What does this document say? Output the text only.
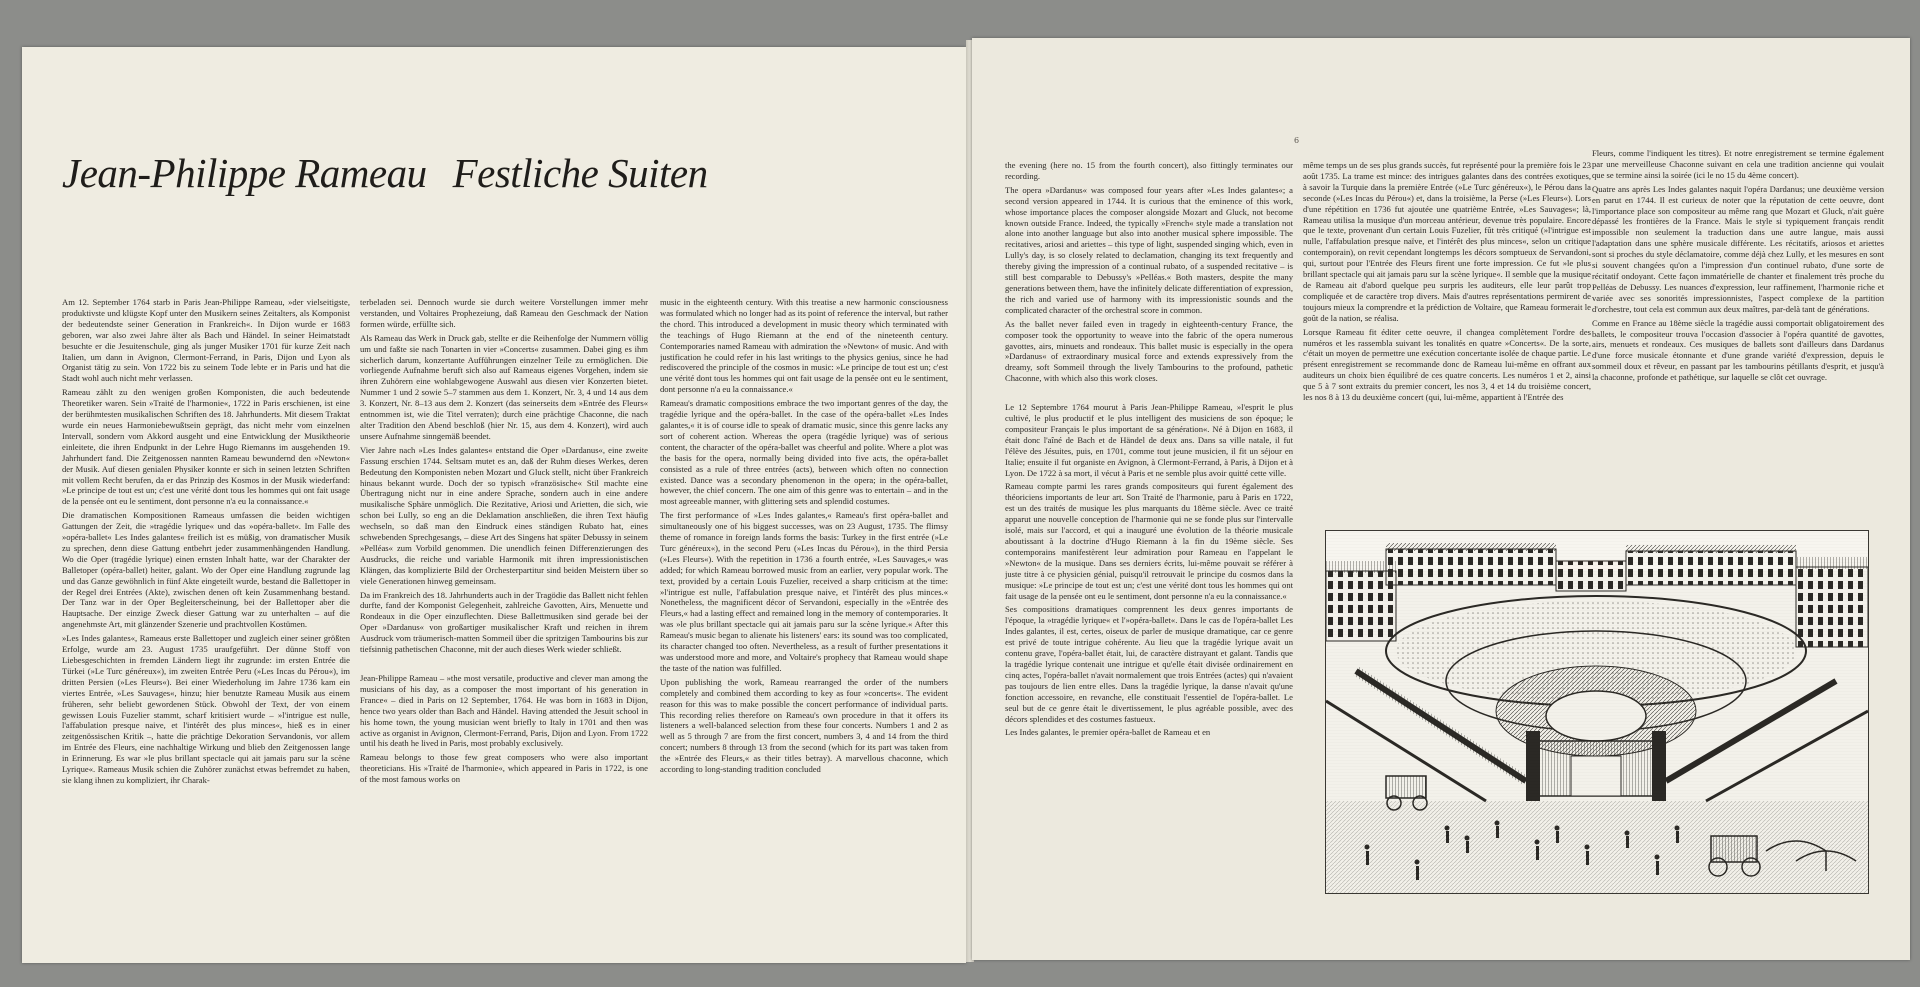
Jean-Philippe Rameau Festliche Suiten
6

Am 12. September 1764 starb in Paris Jean-Philippe Rameau, »der vielseitigste, produktivste und klügste Kopf unter den Musikern seines Zeitalters, als Komponist der bedeutendste seiner Generation in Frankreich«. In Dijon wurde er 1683 geboren, war also zwei Jahre älter als Bach und Händel. In seiner Heimatstadt besuchte er die Jesuitenschule, ging als junger Musiker 1701 für kurze Zeit nach Italien, um dann in Avignon, Clermont-Ferrand, in Paris, Dijon und Lyon als Organist tätig zu sein. Von 1722 bis zu seinem Tode lebte er in Paris und hat die Stadt wohl auch nicht mehr verlassen.

Rameau zählt zu den wenigen großen Komponisten, die auch bedeutende Theoretiker waren. Sein »Traité de l'harmonie«, 1722 in Paris erschienen, ist eine der berühmtesten musikalischen Schriften des 18. Jahrhunderts. Mit diesem Traktat wurde ein neues Harmoniebewußtsein geprägt, das nicht mehr vom einzelnen Intervall, sondern vom Akkord ausgeht und eine Entwicklung der Musiktheorie einleitete, die ihren Endpunkt in der Lehre Hugo Riemanns im ausgehenden 19. Jahrhundert fand. Die Zeitgenossen nannten Rameau bewundernd den »Newton« der Musik. Auf diesen genialen Physiker konnte er sich in seinen letzten Schriften mit vollem Recht berufen, da er das Prinzip des Kosmos in der Musik wiederfand: »Le principe de tout est un; c'est une vérité dont tous les hommes qui ont fait usage de la pensée ont eu le sentiment, dont personne n'a eu la connaissance.«

Die dramatischen Kompositionen Rameaus umfassen die beiden wichtigen Gattungen der Zeit, die »tragédie lyrique« und das »opéra-ballet«. Im Falle des »opéra-ballet« Les Indes galantes« freilich ist es müßig, von dramatischer Musik zu sprechen, denn diese Gattung entbehrt jeder zusammenhängenden Handlung. Wo die Oper (tragédie lyrique) einen ernsten Inhalt hatte, war der Charakter der Balletoper (opéra-ballet) heiter, galant. Wo der Oper eine Handlung zugrunde lag und das Ganze gewöhnlich in fünf Akte eingeteilt wurde, bestand die Ballettoper in der Regel drei Entrées (Akte), zwischen denen oft kein Zusammenhang bestand. Der Tanz war in der Oper Begleiterscheinung, bei der Ballettoper aber die Hauptsache. Der einzige Zweck dieser Gattung war zu unterhalten – auf die angenehmste Art, mit glänzender Szenerie und prachtvollen Kostümen.

»Les Indes galantes«, Rameaus erste Ballettoper und zugleich einer seiner größten Erfolge, wurde am 23. August 1735 uraufgeführt. Der dünne Stoff von Liebesgeschichten in fremden Ländern liegt ihr zugrunde: im ersten Entrée die Türkei (»Le Turc généreux«), im zweiten Entrée Peru (»Les Incas du Pérou«), im dritten Persien (»Les Fleurs«). Bei einer Wiederholung im Jahre 1736 kam ein viertes Entrée, »Les Sauvages«, hinzu; hier benutzte Rameau Musik aus einem früheren, sehr beliebt gewordenen Stück. Obwohl der Text, der von einem gewissen Louis Fuzelier stammt, scharf kritisiert wurde – »l'intrigue est nulle, l'affabulation presque naive, et l'intérêt des plus minces«, hieß es in einer zeitgenössischen Kritik –, hatte die prächtige Dekoration Servandonis, vor allem im Entrée des Fleurs, eine nachhaltige Wirkung und blieb den Zeitgenossen lange in Erinnerung. Es war »le plus brillant spectacle qui ait jamais paru sur la scène Lyrique«. Rameaus Musik schien die Zuhörer zunächst etwas befremdet zu haben, sie klang ihnen zu kompliziert, ihr Charak-

terbeladen sei. Dennoch wurde sie durch weitere Vorstellungen immer mehr verstanden, und Voltaires Prophezeiung, daß Rameau den Geschmack der Nation formen würde, erfüllte sich.

Als Rameau das Werk in Druck gab, stellte er die Reihenfolge der Nummern völlig um und faßte sie nach Tonarten in vier »Concerts« zusammen. Dabei ging es ihm sicherlich darum, konzertante Aufführungen einzelner Teile zu ermöglichen. Die vorliegende Aufnahme beruft sich also auf Rameaus eigenes Vorgehen, indem sie ihren Zuhörern eine wohlabgewogene Auswahl aus diesen vier Konzerten bietet. Nummer 1 und 2 sowie 5–7 stammen aus dem 1. Konzert, Nr. 3, 4 und 14 aus dem 3. Konzert, Nr. 8–13 aus dem 2. Konzert (das seinerseits dem »Entrée des Fleurs« entnommen ist, wie die Titel verraten); durch eine prächtige Chaconne, die nach alter Tradition den Abend beschloß (hier Nr. 15, aus dem 4. Konzert), wird auch unsere Aufnahme sinngemäß beendet.

Vier Jahre nach »Les Indes galantes« entstand die Oper »Dardanus«, eine zweite Fassung erschien 1744. Seltsam mutet es an, daß der Ruhm dieses Werkes, deren Bedeutung den Komponisten neben Mozart und Gluck stellt, nicht über Frankreich hinaus bekannt wurde. Doch der so typisch »französische« Stil machte eine Übertragung nicht nur in eine andere Sprache, sondern auch in eine andere musikalische Sphäre unmöglich. Die Rezitative, Ariosi und Arietten, die sich, wie schon bei Lully, so eng an die Deklamation anschließen, die ihren Text häufig wechseln, so daß man den Eindruck eines ständigen Rubato hat, eines schwebenden Sprechgesangs, – diese Art des Singens hat später Debussy in seinem »Pelléas« zum Vorbild genommen. Die unendlich feinen Differenzierungen des Ausdrucks, die reiche und variable Harmonik mit ihren impressionistischen Klängen, das komplizierte Bild der Orchesterpartitur sind beiden Meistern über so viele Generationen hinweg gemeinsam.

Da im Frankreich des 18. Jahrhunderts auch in der Tragödie das Ballett nicht fehlen durfte, fand der Komponist Gelegenheit, zahlreiche Gavotten, Airs, Menuette und Rondeaux in die Oper einzuflechten. Diese Ballettmusiken sind gerade bei der Oper »Dardanus« von großartiger musikalischer Kraft und reichen in ihrem Ausdruck vom träumerisch-matten Sommeil über die spritzigen Tambourins bis zur tiefsinnig pathetischen Chaconne, mit der auch dieses Werk wieder schließt.

Jean-Philippe Rameau – »the most versatile, productive and clever man among the musicians of his day, as a composer the most important of his generation in France« – died in Paris on 12 September, 1764. He was born in 1683 in Dijon, hence two years older than Bach and Händel. Having attended the Jesuit school in his home town, the young musician went briefly to Italy in 1701 and then was active as organist in Avignon, Clermont-Ferrand, Paris, Dijon and Lyon. From 1722 until his death he lived in Paris, most probably exclusively.

Rameau belongs to those few great composers who were also important theoreticians. His »Traité de l'harmonie«, which appeared in Paris in 1722, is one of the most famous works on

music in the eighteenth century. With this treatise a new harmonic consciousness was formulated which no longer had as its point of reference the interval, but rather the chord. This introduced a development in music theory which terminated with the teachings of Hugo Riemann at the end of the nineteenth century. Contemporaries named Rameau with admiration the »Newton« of music. And with justification he could refer in his last writings to the physics genius, since he had rediscovered the principle of the cosmos in music: »Le principe de tout est un; c'est une vérité dont tous les hommes qui ont fait usage de la pensée ont eu le sentiment, dont personne n'a eu la connaissance.«

Rameau's dramatic compositions embrace the two important genres of the day, the tragédie lyrique and the opéra-ballet. In the case of the opéra-ballet »Les Indes galantes,« it is of course idle to speak of dramatic music, since this genre lacks any sort of coherent action. Whereas the opera (tragédie lyrique) was of serious content, the character of the opéra-ballet was cheerful and polite. Where a plot was the basis for the opera, normally being divided into five acts, the opéra-ballet consisted as a rule of three entrées (acts), between which often no connection existed. Dance was a secondary phenomenon in the opera; in the opéra-ballet, however, the chief concern. The one aim of this genre was to entertain – and in the most agreeable manner, with glittering sets and splendid costumes.

The first performance of »Les Indes galantes,« Rameau's first opéra-ballet and simultaneously one of his biggest successes, was on 23 August, 1735. The flimsy theme of romance in foreign lands forms the basis: Turkey in the first entrée (»Le Turc généreux«), in the second Peru (»Les Incas du Pérou«), in the third Persia (»Les Fleurs«). With the repetition in 1736 a fourth entrée, »Les Sauvages,« was added; for which Rameau borrowed music from an earlier, very popular work. The text, provided by a certain Louis Fuzelier, received a sharp criticism at the time: »l'intrigue est nulle, l'affabulation presque naive, et l'intérêt des plus minces.« Nonetheless, the magnificent décor of Servandoni, especially in the »Entrée des Fleurs,« had a lasting effect and remained long in the memory of contemporaries. It was »le plus brillant spectacle qui ait jamais paru sur la scène lyrique.« After this Rameau's music began to alienate his listeners' ears: its sound was too complicated, its character changed too often. Nevertheless, as a result of further presentations it was understood more and more, and Voltaire's prophecy that Rameau would shape the taste of the nation was fulfilled.

Upon publishing the work, Rameau rearranged the order of the numbers completely and combined them according to key as four »concerts«. The evident reason for this was to make possible the concert performance of individual parts. This recording relies therefore on Rameau's own procedure in that it offers its listeners a well-balanced selection from these four concerts. Numbers 1 and 2 as well as 5 through 7 are from the first concert, numbers 3, 4 and 14 from the third concert; numbers 8 through 13 from the second (which for its part was taken from the »Entrée des Fleurs,« as their titles betray). A marvellous chaconne, which according to long-standing tradition concluded

the evening (here no. 15 from the fourth concert), also fittingly terminates our recording.

The opera »Dardanus« was composed four years after »Les Indes galantes«; a second version appeared in 1744. It is curious that the eminence of this work, whose importance places the composer alongside Mozart and Gluck, not become known outside France. Indeed, the typically »French« style made a translation not alone into another language but also into another musical sphere impossible. The recitatives, ariosi and ariettes – this type of light, suspended singing which, even in Lully's day, is so closely related to declamation, changing its text frequently and thereby giving the impression of a continual rubato, of a suspended recitative – is still best comparable to Debussy's »Pelléas.« Both masters, despite the many generations between them, have the infinitely delicate differentiation of expression, the rich and varied use of harmony with its impressionistic sounds and the complicated character of the orchestral score in common.

As the ballet never failed even in tragedy in eighteenth-century France, the composer took the opportunity to weave into the fabric of the opera numerous gavottes, airs, minuets and rondeaux. This ballet music is especially in the opera »Dardanus« of extraordinary musical force and extends expressively from the dreamy, soft Sommeil through the lively Tambourins to the profound, pathetic Chaconne, with which also this work closes.

Le 12 Septembre 1764 mourut à Paris Jean-Philippe Rameau, »l'esprit le plus cultivé, le plus productif et le plus intelligent des musiciens de son époque; le compositeur Français le plus important de sa génération«. Né à Dijon en 1683, il était donc l'aîné de Bach et de Händel de deux ans. Dans sa ville natale, il fut l'élève des Jésuites, puis, en 1701, comme tout jeune musicien, il fit un séjour en Italie; ensuite il fut organiste en Avignon, à Clermont-Ferrand, à Paris, à Dijon et à Lyon. De 1722 à sa mort, il vécut à Paris et ne semble plus avoir quitté cette ville.

Rameau compte parmi les rares grands compositeurs qui furent également des théoriciens importants de leur art. Son Traité de l'harmonie, paru à Paris en 1722, est un des traités de musique les plus marquants du 18ème siècle. Avec ce traité apparut une nouvelle conception de l'harmonie qui ne se fonde plus sur l'intervalle isolé, mais sur l'accord, et qui a inauguré une évolution de la théorie musicale aboutissant à la doctrine d'Hugo Riemann à la fin du 19ème siècle. Ses contemporains manifestèrent leur admiration pour Rameau en l'appelant le »Newton« de la musique. Dans ses derniers écrits, lui-même pouvait se référer à juste titre à ce physicien génial, puisqu'il retrouvait le principe du cosmos dans la musique: »Le principe de tout est un; c'est une vérité dont tous les hommes qui ont fait usage de la pensée ont eu le sentiment, dont personne n'a eu la connaissance.«

Ses compositions dramatiques comprennent les deux genres importants de l'époque, la »tragédie lyrique« et l'»opéra-ballet«. Dans le cas de l'opéra-ballet Les Indes galantes, il est, certes, oiseux de parler de musique dramatique, car ce genre est privé de toute intrigue cohérente. Au lieu que la tragédie lyrique avait un contenu grave, l'opéra-ballet était, lui, de caractère distrayant et galant. Tandis que la tragédie lyrique contenait une intrigue et qu'elle était divisée ordinairement en cinq actes, l'opéra-ballet n'avait normalement que trois Entrées (actes) qui n'avaient pas toujours de lien entre elles. Dans la tragédie lyrique, la danse n'avait qu'une fonction accessoire, en revanche, elle constituait l'essentiel de l'opéra-ballet. Le seul but de ce genre était le divertissement, le plus agréable possible, avec des décors splendides et des costumes fastueux.

Les Indes galantes, le premier opéra-ballet de Rameau et en

même temps un de ses plus grands succès, fut représenté pour la première fois le 23 août 1735. La trame est mince: des intrigues galantes dans des contrées exotiques, à savoir la Turquie dans la première Entrée (»Le Turc généreux«), le Pérou dans la seconde (»Les Incas du Pérou«) et, dans la troisième, la Perse (»Les Fleurs«). Lors d'une répétition en 1736 fut ajoutée une quatrième Entrée, »Les Sauvages«; là, Rameau utilisa la musique d'un morceau antérieur, devenue très populaire. Encore que le texte, provenant d'un certain Louis Fuzelier, fût très critiqué (»l'intrigue est nulle, l'affabulation presque naïve, et l'intérêt des plus minces«, selon un critique contemporain), on revit cependant longtemps les décors somptueux de Servandoni, qui, surtout pour l'Entrée des Fleurs firent une forte impression. Ce fut »le plus brillant spectacle qui ait jamais paru sur la scène lyrique«. Il semble que la musique de Rameau ait d'abord quelque peu surpris les auditeurs, elle leur parût trop compliquée et de caractère trop divers. Mais d'autres représentations permirent de toujours mieux la comprendre et la prédiction de Voltaire, que Rameau formerait le goût de la nation, se réalisa.

Lorsque Rameau fit éditer cette oeuvre, il changea complètement l'ordre des numéros et les rassembla suivant les tonalités en quatre »Concerts«. De la sorte, c'était un moyen de permettre une exécution concertante isolée de chaque partie. Le présent enregistrement se recommande donc de Rameau lui-même en offrant aux auditeurs un choix bien équilibré de ces quatre concerts. Les numéros 1 et 2, ainsi que 5 à 7 sont extraits du premier concert, les nos 3, 4 et 14 du troisième concert, les nos 8 à 13 du deuxième concert (qui, lui-même, appartient à l'Entrée des

Fleurs, comme l'indiquent les titres). Et notre enregistrement se termine également par une merveilleuse Chaconne suivant en cela une tradition ancienne qui voulait que se termine ainsi la soirée (ici le no 15 du 4ème concert).

Quatre ans après Les Indes galantes naquit l'opéra Dardanus; une deuxième version en parut en 1744. Il est curieux de noter que la réputation de cette oeuvre, dont l'importance place son compositeur au même rang que Mozart et Gluck, n'ait guère dépassé les frontières de la France. Mais le style si typiquement français rendit impossible non seulement la traduction dans une autre langue, mais aussi l'adaptation dans une sphère musicale différente. Les récitatifs, ariosos et ariettes sont si proches du style déclamatoire, comme déjà chez Lully, et les mesures en sont si souvent changées qu'on a l'impression d'un continuel rubato, d'une sorte de récitatif ondoyant. Cette façon immatérielle de chanter et finalement très proche du Pelléas de Debussy. Les nuances d'expression, leur raffinement, l'harmonie riche et variée avec ses sonorités impressionnistes, l'aspect complexe de la partition d'orchestre, tout cela est commun aux deux maîtres, par-delà tant de générations.

Comme en France au 18ème siècle la tragédie aussi comportait obligatoirement des ballets, le compositeur trouva l'occasion d'associer à l'opéra quantité de gavottes, airs, menuets et rondeaux. Ces musiques de ballets sont d'ailleurs dans Dardanus d'une force musicale étonnante et d'une grande variété d'expression, depuis le sommeil doux et rêveur, en passant par les tambourins pétillants d'esprit, et jusqu'à la chaconne, profonde et pathétique, sur laquelle se clôt cet ouvrage.
